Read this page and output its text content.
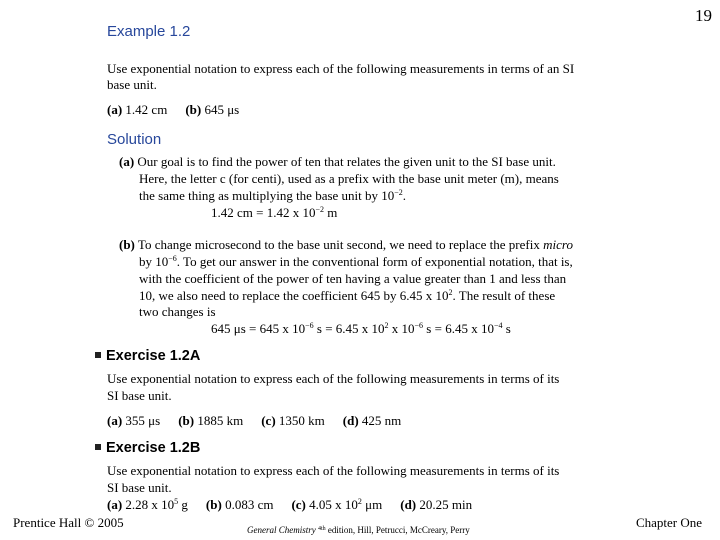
19
Example 1.2
Use exponential notation to express each of the following measurements in terms of an SI
base unit.
(a) 1.42 cm (b) 645 μs
Solution
(a) Our goal is to find the power of ten that relates the given unit to the SI base unit.
Here, the letter c (for centi), used as a prefix with the base unit meter (m), means
the same thing as multiplying the base unit by $10^{-2}$.
1.42 cm = 1.42 x $10^{-2}$ m
(b) To change microsecond to the base unit second, we need to replace the prefix micro
by $10^{-6}$. To get our answer in the conventional form of exponential notation, that is,
with the coefficient of the power of ten having a value greater than 1 and less than
10, we also need to replace the coefficient 645 by 6.45 x $10^2$. The result of these
two changes is
645 μs = 645 x $10^{-6}$ s = 6.45 x $10^2$ x $10^{-6}$ s = 6.45 x $10^{-4}$ s
Exercise 1.2A
Use exponential notation to express each of the following measurements in terms of its
SI base unit.
(a) 355 μs (b) 1885 km (c) 1350 km (d) 425 nm
Exercise 1.2B
Use exponential notation to express each of the following measurements in terms of its
SI base unit.
(a) 2.28 x $10^5$ g (b) 0.083 cm (c) 4.05 x $10^2$ μm (d) 20.25 min
Prentice Hall © 2005	General Chemistry $^{4th}$ edition, Hill, Petrucci, McCreary, Perry	Chapter One
